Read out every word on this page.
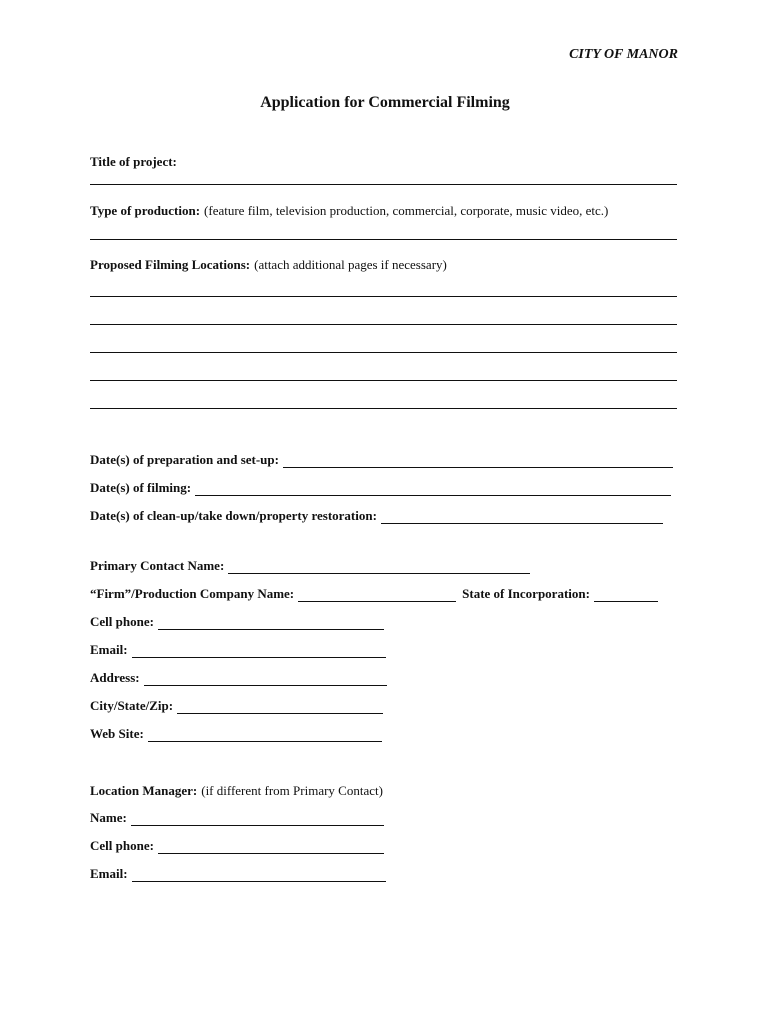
CITY OF MANOR
Application for Commercial Filming
Title of project:
Type of production: (feature film, television production, commercial, corporate, music video, etc.)
Proposed Filming Locations: (attach additional pages if necessary)
Date(s) of preparation and set-up:
Date(s) of filming:
Date(s) of clean-up/take down/property restoration:
Primary Contact Name:
“Firm”/Production Company Name:	State of Incorporation:
Cell phone:
Email:
Address:
City/State/Zip:
Web Site:
Location Manager: (if different from Primary Contact)
Name:
Cell phone:
Email:
